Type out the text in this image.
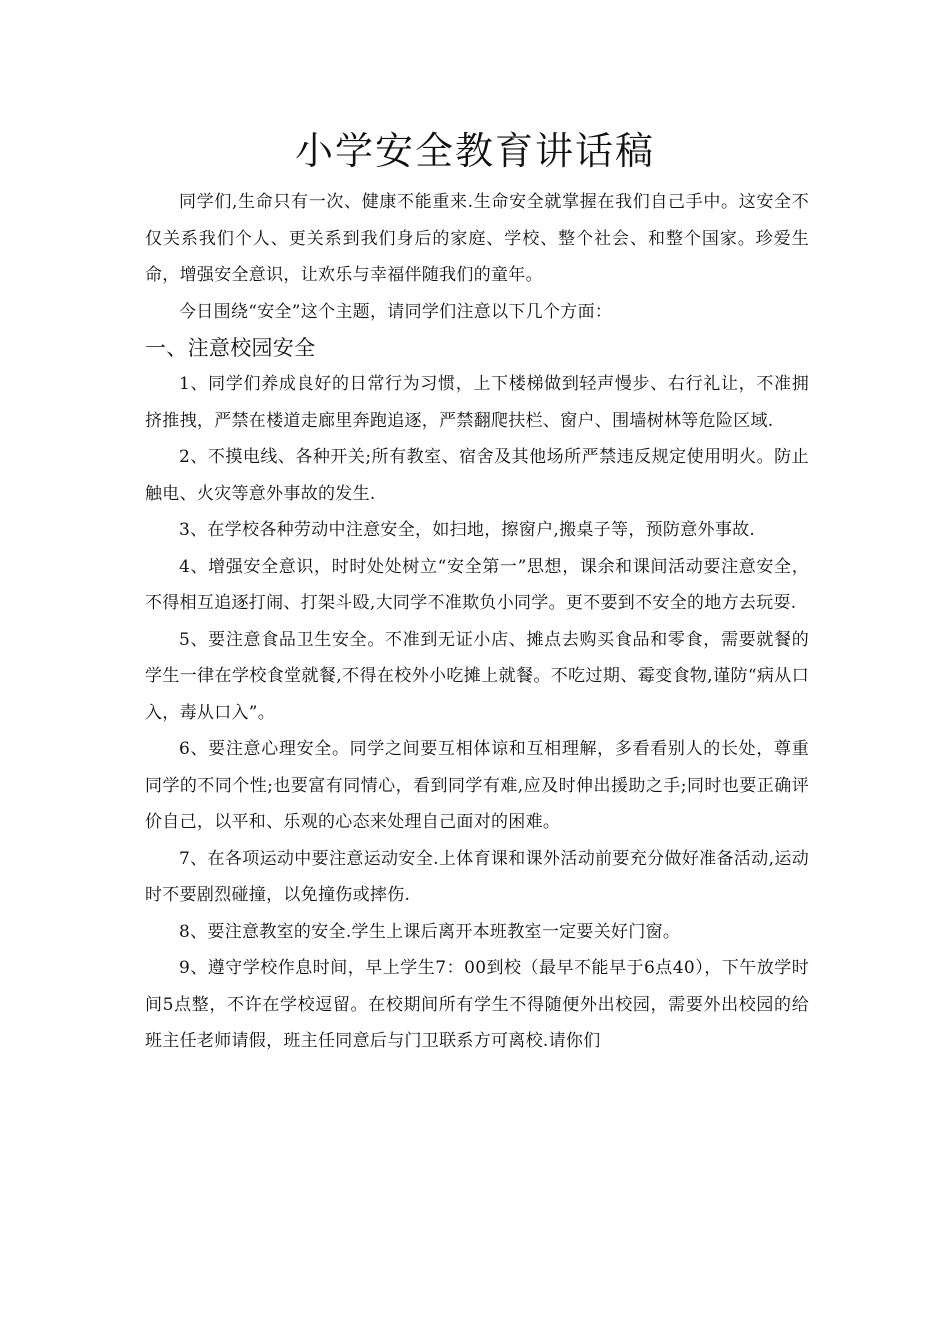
小学安全教育讲话稿

同学们,生命只有一次、健康不能重来.生命安全就掌握在我们自己手中。这安全不仅关系我们个人、更关系到我们身后的家庭、学校、整个社会、和整个国家。珍爱生命，增强安全意识，让欢乐与幸福伴随我们的童年。

今日围绕“安全”这个主题，请同学们注意以下几个方面：

一、注意校园安全

1、同学们养成良好的日常行为习惯，上下楼梯做到轻声慢步、右行礼让，不准拥挤推拽，严禁在楼道走廊里奔跑追逐，严禁翻爬扶栏、窗户、围墙树林等危险区域.

2、不摸电线、各种开关;所有教室、宿舍及其他场所严禁违反规定使用明火。防止触电、火灾等意外事故的发生.

3、在学校各种劳动中注意安全，如扫地，擦窗户,搬桌子等，预防意外事故.

4、增强安全意识，时时处处树立“安全第一”思想，课余和课间活动要注意安全，不得相互追逐打闹、打架斗殴,大同学不准欺负小同学。更不要到不安全的地方去玩耍.

5、要注意食品卫生安全。不准到无证小店、摊点去购买食品和零食，需要就餐的学生一律在学校食堂就餐,不得在校外小吃摊上就餐。不吃过期、霉变食物,谨防“病从口入，毒从口入”。

6、要注意心理安全。同学之间要互相体谅和互相理解，多看看别人的长处，尊重同学的不同个性;也要富有同情心，看到同学有难,应及时伸出援助之手;同时也要正确评价自己，以平和、乐观的心态来处理自己面对的困难。

7、在各项运动中要注意运动安全.上体育课和课外活动前要充分做好准备活动,运动时不要剧烈碰撞，以免撞伤或摔伤.

8、要注意教室的安全.学生上课后离开本班教室一定要关好门窗。

9、遵守学校作息时间，早上学生7：00到校（最早不能早于6点40），下午放学时间5点整，不许在学校逗留。在校期间所有学生不得随便外出校园，需要外出校园的给班主任老师请假，班主任同意后与门卫联系方可离校.请你们
